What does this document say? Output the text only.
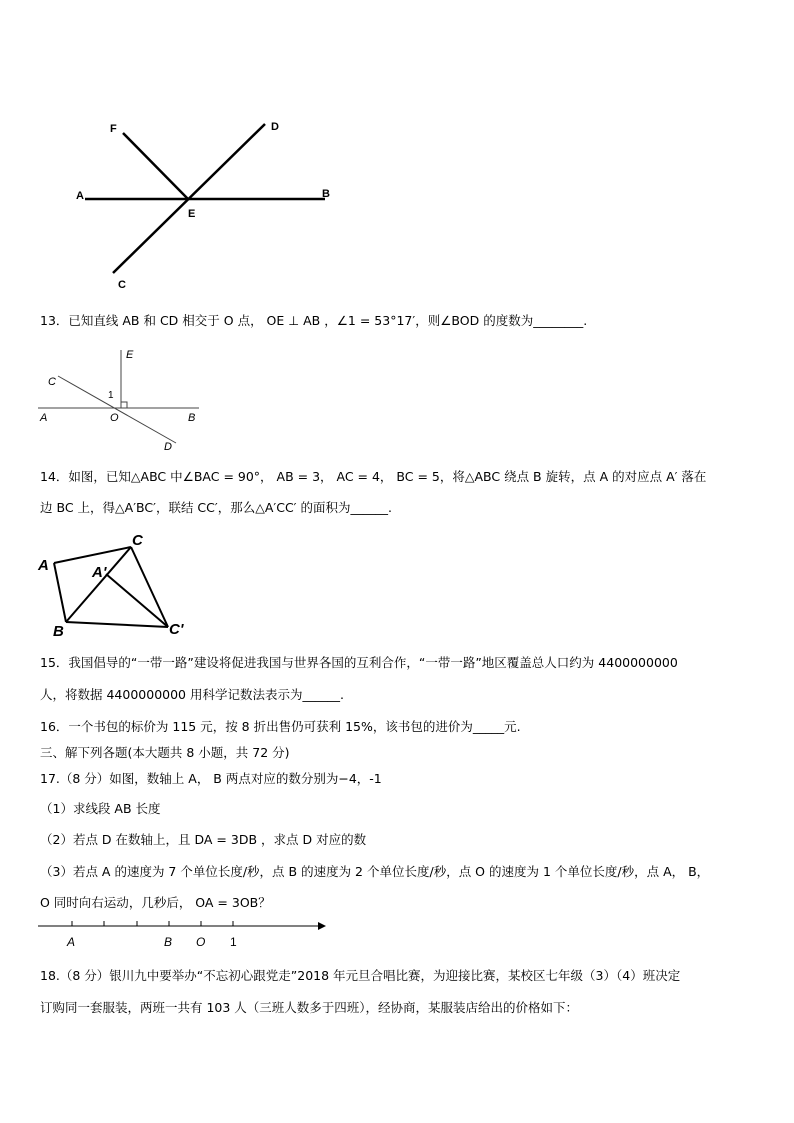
F	D
A	B
E
C
13．已知直线 AB 和 CD 相交于 O 点， OE ⊥ AB ，∠1 = 53°17′，则∠BOD 的度数为________.
E
C
1
A	O	B
D
14．如图，已知△ABC 中∠BAC = 90°， AB = 3， AC = 4， BC = 5，将△ABC 绕点 B 旋转，点 A 的对应点 A′ 落在
边 BC 上，得△A′BC′，联结 CC′，那么△A′CC′ 的面积为______.
C
A	A'
B	C'
15．我国倡导的“一带一路”建设将促进我国与世界各国的互利合作，“一带一路”地区覆盖总人口约为 4400000000
人，将数据 4400000000 用科学记数法表示为______.
16．一个书包的标价为 115 元，按 8 折出售仍可获利 15%，该书包的进价为_____元.
三、解下列各题(本大题共 8 小题，共 72 分)
17.（8 分）如图，数轴上 A， B 两点对应的数分别为−4，-1
（1）求线段 AB 长度
（2）若点 D 在数轴上，且 DA = 3DB ，求点 D 对应的数
（3）若点 A 的速度为 7 个单位长度/秒，点 B 的速度为 2 个单位长度/秒，点 O 的速度为 1 个单位长度/秒，点 A， B，
O 同时向右运动，几秒后， OA = 3OB？
A	B O 1
18.（8 分）银川九中要举办“不忘初心跟党走”2018 年元旦合唱比赛，为迎接比赛，某校区七年级（3）（4）班决定
订购同一套服装，两班一共有 103 人（三班人数多于四班），经协商，某服装店给出的价格如下：
